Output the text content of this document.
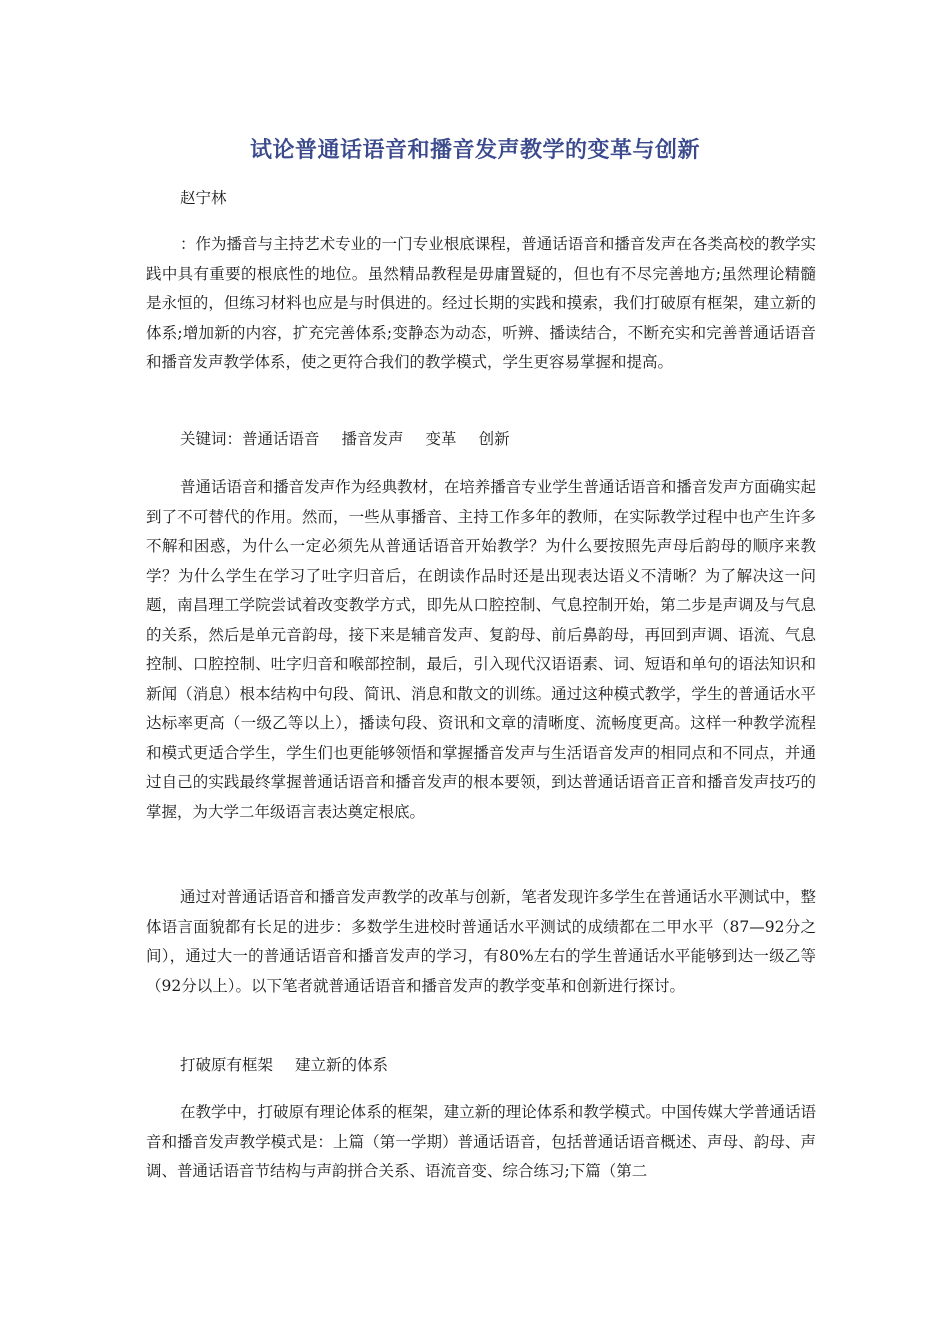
试论普通话语音和播音发声教学的变革与创新

赵宁林

：作为播音与主持艺术专业的一门专业根底课程，普通话语音和播音发声在各类高校的教学实践中具有重要的根底性的地位。虽然精品教程是毋庸置疑的，但也有不尽完善地方;虽然理论精髓是永恒的，但练习材料也应是与时俱进的。经过长期的实践和摸索，我们打破原有框架，建立新的体系;增加新的内容，扩充完善体系;变静态为动态，听辨、播读结合，不断充实和完善普通话语音和播音发声教学体系，使之更符合我们的教学模式，学生更容易掌握和提高。

关键词：普通话语音 播音发声 变革 创新

普通话语音和播音发声作为经典教材，在培养播音专业学生普通话语音和播音发声方面确实起到了不可替代的作用。然而，一些从事播音、主持工作多年的教师，在实际教学过程中也产生许多不解和困惑，为什么一定必须先从普通话语音开始教学？为什么要按照先声母后韵母的顺序来教学？为什么学生在学习了吐字归音后，在朗读作品时还是出现表达语义不清晰？为了解决这一问题，南昌理工学院尝试着改变教学方式，即先从口腔控制、气息控制开始，第二步是声调及与气息的关系，然后是单元音韵母，接下来是辅音发声、复韵母、前后鼻韵母，再回到声调、语流、气息控制、口腔控制、吐字归音和喉部控制，最后，引入现代汉语语素、词、短语和单句的语法知识和新闻（消息）根本结构中句段、简讯、消息和散文的训练。通过这种模式教学，学生的普通话水平达标率更高（一级乙等以上），播读句段、资讯和文章的清晰度、流畅度更高。这样一种教学流程和模式更适合学生，学生们也更能够领悟和掌握播音发声与生活语音发声的相同点和不同点，并通过自己的实践最终掌握普通话语音和播音发声的根本要领，到达普通话语音正音和播音发声技巧的掌握，为大学二年级语言表达奠定根底。

通过对普通话语音和播音发声教学的改革与创新，笔者发现许多学生在普通话水平测试中，整体语言面貌都有长足的进步：多数学生进校时普通话水平测试的成绩都在二甲水平（87—92分之间），通过大一的普通话语音和播音发声的学习，有80%左右的学生普通话水平能够到达一级乙等（92分以上）。以下笔者就普通话语音和播音发声的教学变革和创新进行探讨。

打破原有框架 建立新的体系

在教学中，打破原有理论体系的框架，建立新的理论体系和教学模式。中国传媒大学普通话语音和播音发声教学模式是：上篇（第一学期）普通话语音，包括普通话语音概述、声母、韵母、声调、普通话语音节结构与声韵拼合关系、语流音变、综合练习;下篇（第二
